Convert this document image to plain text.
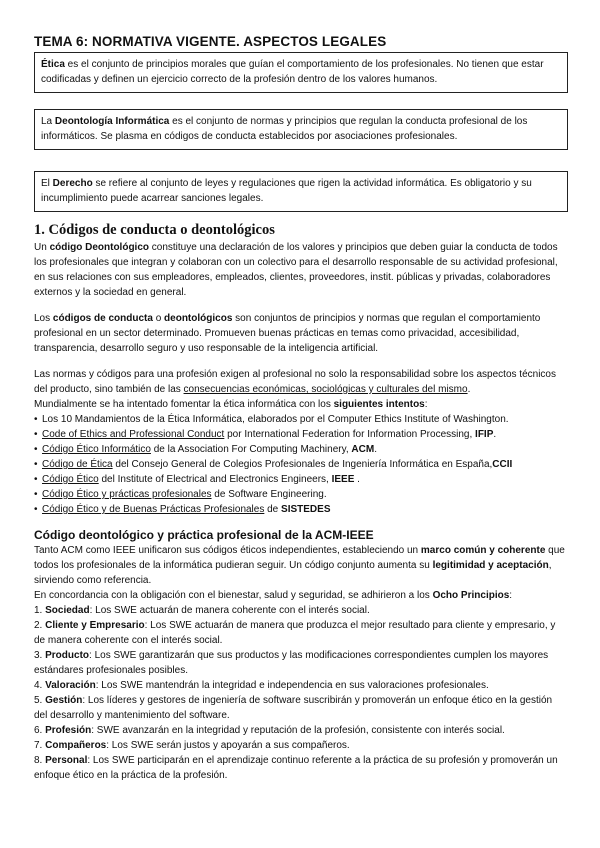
TEMA 6: NORMATIVA VIGENTE. ASPECTOS LEGALES
Ética es el conjunto de principios morales que guían el comportamiento de los profesionales. No tienen que estar codificadas y definen un ejercicio correcto de la profesión dentro de los valores humanos.
La Deontología Informática es el conjunto de normas y principios que regulan la conducta profesional de los informáticos. Se plasma en códigos de conducta establecidos por asociaciones profesionales.
El Derecho se refiere al conjunto de leyes y regulaciones que rigen la actividad informática. Es obligatorio y su incumplimiento puede acarrear sanciones legales.
1. Códigos de conducta o deontológicos

Un código Deontológico constituye una declaración de los valores y principios que deben guiar la conducta de todos los profesionales que integran y colaboran con un colectivo para el desarrollo responsable de su actividad profesional, en sus relaciones con sus empleadores, empleados, clientes, proveedores, instit. públicas y privadas, colaboradores externos y la sociedad en general.

Los códigos de conducta o deontológicos son conjuntos de principios y normas que regulan el comportamiento profesional en un sector determinado. Promueven buenas prácticas en temas como privacidad, accesibilidad, transparencia, desarrollo seguro y uso responsable de la inteligencia artificial.

Las normas y códigos para una profesión exigen al profesional no solo la responsabilidad sobre los aspectos técnicos del producto, sino también de las consecuencias económicas, sociológicas y culturales del mismo.

Mundialmente se ha intentado fomentar la ética informática con los siguientes intentos:

• Los 10 Mandamientos de la Ética Informática, elaborados por el Computer Ethics Institute of Washington.
• Code of Ethics and Professional Conduct por International Federation for Information Processing, IFIP.
• Código Ético Informático de la Association For Computing Machinery, ACM.
• Código de Ética del Consejo General de Colegios Profesionales de Ingeniería Informática en España,CCII
• Código Ético del Institute of Electrical and Electronics Engineers, IEEE .
• Código Ético y prácticas profesionales de Software Engineering.
• Código Ético y de Buenas Prácticas Profesionales de SISTEDES
Código deontológico y práctica profesional de la ACM-IEEE

Tanto ACM como IEEE unificaron sus códigos éticos independientes, estableciendo un marco común y coherente que todos los profesionales de la informática pudieran seguir. Un código conjunto aumenta su legitimidad y aceptación, sirviendo como referencia.

En concordancia con la obligación con el bienestar, salud y seguridad, se adhirieron a los Ocho Principios:

1. Sociedad: Los SWE actuarán de manera coherente con el interés social.
2. Cliente y Empresario: Los SWE actuarán de manera que produzca el mejor resultado para cliente y empresario, y de manera coherente con el interés social.
3. Producto: Los SWE garantizarán que sus productos y las modificaciones correspondientes cumplen los mayores estándares profesionales posibles.
4. Valoración: Los SWE mantendrán la integridad e independencia en sus valoraciones profesionales.
5. Gestión: Los líderes y gestores de ingeniería de software suscribirán y promoverán un enfoque ético en la gestión del desarrollo y mantenimiento del software.
6. Profesión: SWE avanzarán en la integridad y reputación de la profesión, consistente con interés social.
7. Compañeros: Los SWE serán justos y apoyarán a sus compañeros.
8. Personal: Los SWE participarán en el aprendizaje continuo referente a la práctica de su profesión y promoverán un enfoque ético en la práctica de la profesión.
